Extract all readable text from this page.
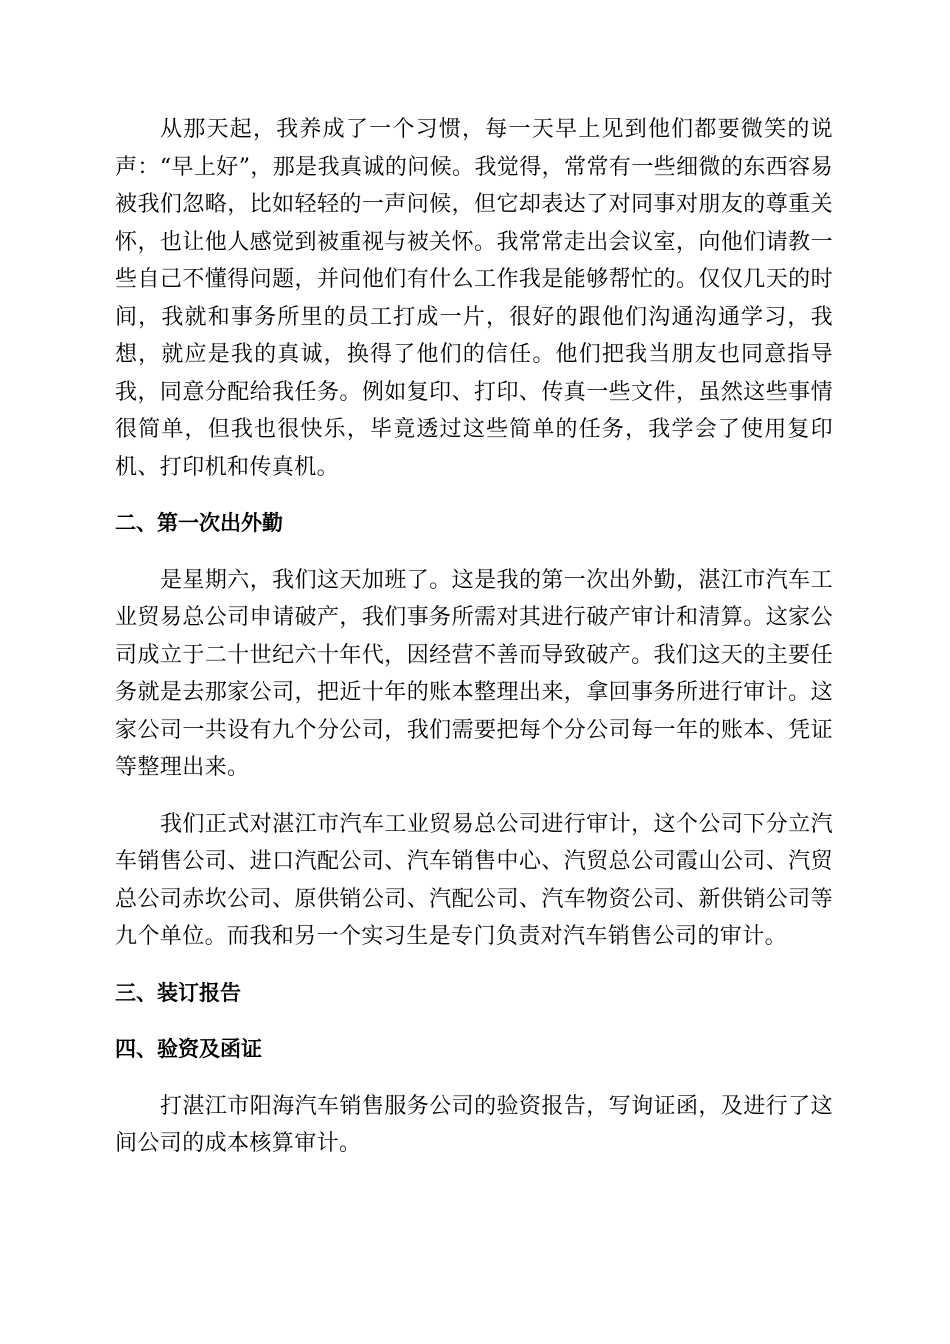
从那天起，我养成了一个习惯，每一天早上见到他们都要微笑的说声：“早上好”，那是我真诚的问候。我觉得，常常有一些细微的东西容易被我们忽略，比如轻轻的一声问候，但它却表达了对同事对朋友的尊重关怀，也让他人感觉到被重视与被关怀。我常常走出会议室，向他们请教一些自己不懂得问题，并问他们有什么工作我是能够帮忙的。仅仅几天的时间，我就和事务所里的员工打成一片，很好的跟他们沟通沟通学习，我想，就应是我的真诚，换得了他们的信任。他们把我当朋友也同意指导我，同意分配给我任务。例如复印、打印、传真一些文件，虽然这些事情很简单，但我也很快乐，毕竟透过这些简单的任务，我学会了使用复印机、打印机和传真机。

二、第一次出外勤

是星期六，我们这天加班了。这是我的第一次出外勤，湛江市汽车工业贸易总公司申请破产，我们事务所需对其进行破产审计和清算。这家公司成立于二十世纪六十年代，因经营不善而导致破产。我们这天的主要任务就是去那家公司，把近十年的账本整理出来，拿回事务所进行审计。这家公司一共设有九个分公司，我们需要把每个分公司每一年的账本、凭证等整理出来。

我们正式对湛江市汽车工业贸易总公司进行审计，这个公司下分立汽车销售公司、进口汽配公司、汽车销售中心、汽贸总公司霞山公司、汽贸总公司赤坎公司、原供销公司、汽配公司、汽车物资公司、新供销公司等九个单位。而我和另一个实习生是专门负责对汽车销售公司的审计。

三、装订报告
四、验资及函证

打湛江市阳海汽车销售服务公司的验资报告，写询证函，及进行了这间公司的成本核算审计。
